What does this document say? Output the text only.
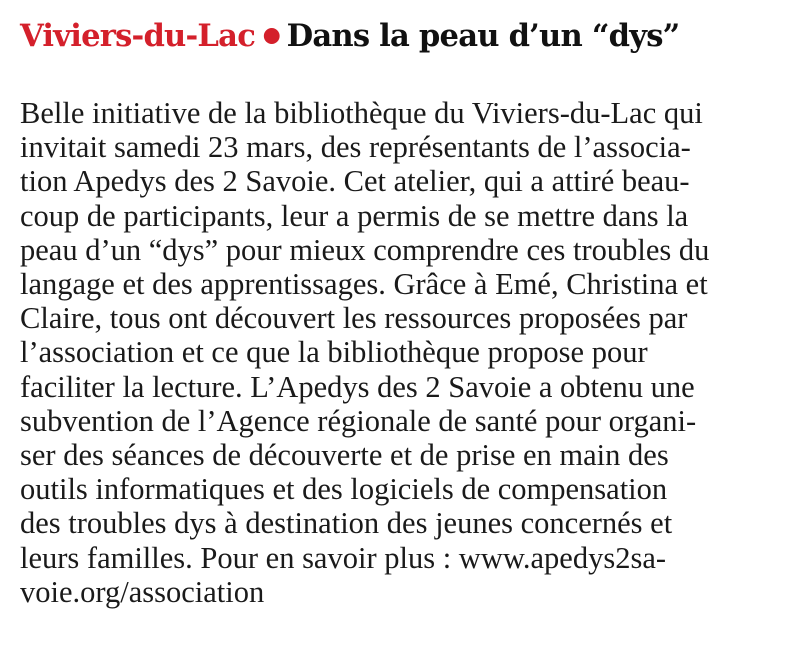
Viviers-du-Lac Dans la peau d’un “dys”

Belle initiative de la bibliothèque du Viviers-du-Lac qui
invitait samedi 23 mars, des représentants de l’associa-
tion Apedys des 2 Savoie. Cet atelier, qui a attiré beau-
coup de participants, leur a permis de se mettre dans la
peau d’un “dys” pour mieux comprendre ces troubles du
langage et des apprentissages. Grâce à Emé, Christina et
Claire, tous ont découvert les ressources proposées par
l’association et ce que la bibliothèque propose pour
faciliter la lecture. L’Apedys des 2 Savoie a obtenu une
subvention de l’Agence régionale de santé pour organi-
ser des séances de découverte et de prise en main des
outils informatiques et des logiciels de compensation
des troubles dys à destination des jeunes concernés et
leurs familles. Pour en savoir plus : www.apedys2sa-
voie.org/association
